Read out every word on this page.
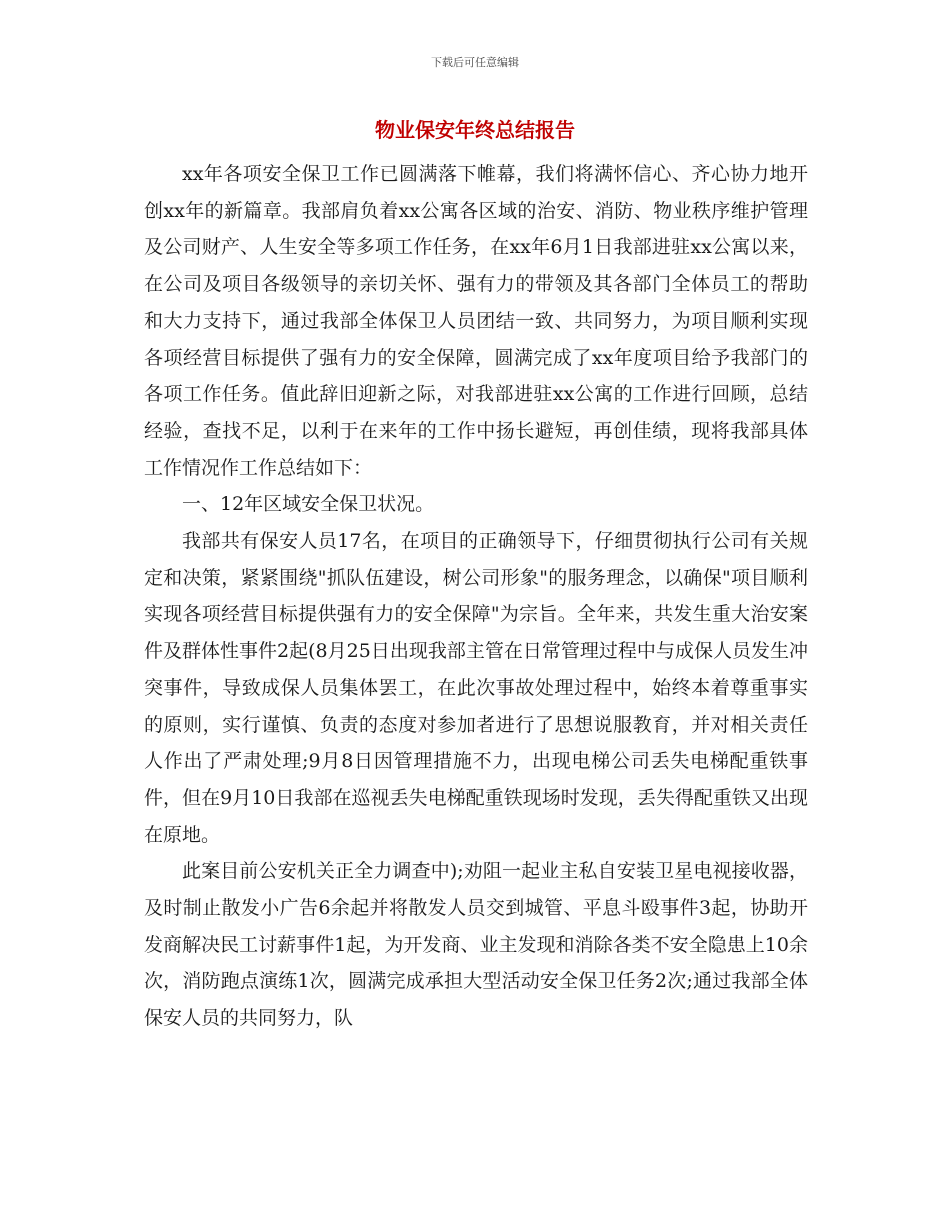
下载后可任意编辑
物业保安年终总结报告

xx年各项安全保卫工作已圆满落下帷幕，我们将满怀信心、齐心协力地开创xx年的新篇章。我部肩负着xx公寓各区域的治安、消防、物业秩序维护管理及公司财产、人生安全等多项工作任务，在xx年6月1日我部进驻xx公寓以来，在公司及项目各级领导的亲切关怀、强有力的带领及其各部门全体员工的帮助和大力支持下，通过我部全体保卫人员团结一致、共同努力，为项目顺利实现各项经营目标提供了强有力的安全保障，圆满完成了xx年度项目给予我部门的各项工作任务。值此辞旧迎新之际，对我部进驻xx公寓的工作进行回顾，总结经验，查找不足，以利于在来年的工作中扬长避短，再创佳绩，现将我部具体工作情况作工作总结如下：

一、12年区域安全保卫状况。

我部共有保安人员17名，在项目的正确领导下，仔细贯彻执行公司有关规定和决策，紧紧围绕"抓队伍建设，树公司形象"的服务理念，以确保"项目顺利实现各项经营目标提供强有力的安全保障"为宗旨。全年来，共发生重大治安案件及群体性事件2起(8月25日出现我部主管在日常管理过程中与成保人员发生冲突事件，导致成保人员集体罢工，在此次事故处理过程中，始终本着尊重事实的原则，实行谨慎、负责的态度对参加者进行了思想说服教育，并对相关责任人作出了严肃处理;9月8日因管理措施不力，出现电梯公司丢失电梯配重铁事件，但在9月10日我部在巡视丢失电梯配重铁现场时发现，丢失得配重铁又出现在原地。

此案目前公安机关正全力调查中);劝阻一起业主私自安装卫星电视接收器，及时制止散发小广告6余起并将散发人员交到城管、平息斗殴事件3起，协助开发商解决民工讨薪事件1起，为开发商、业主发现和消除各类不安全隐患上10余次，消防跑点演练1次，圆满完成承担大型活动安全保卫任务2次;通过我部全体保安人员的共同努力，队
